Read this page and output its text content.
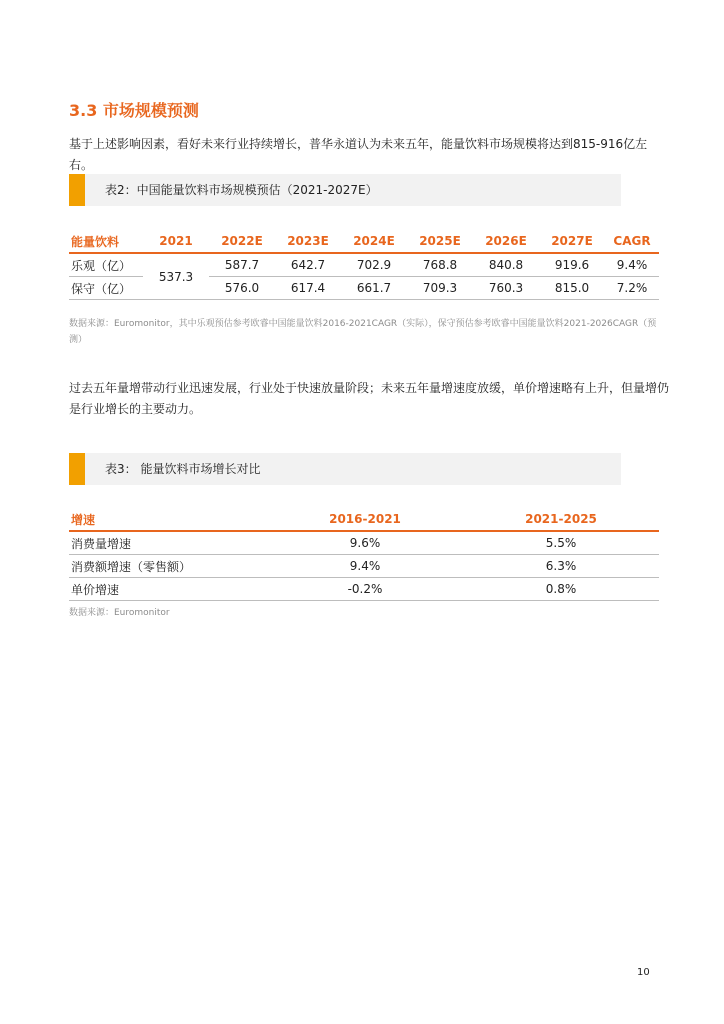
3.3 市场规模预测

基于上述影响因素，看好未来行业持续增长，普华永道认为未来五年，能量饮料市场规模将达到815-916亿左右。

表2：中国能量饮料市场规模预估（2021-2027E）
能量饮料	2021	2022E	2023E	2024E	2025E	2026E	2027E	CAGR
乐观（亿）	537.3	587.7	642.7	702.9	768.8	840.8	919.6	9.4%
保守（亿）		576.0	617.4	661.7	709.3	760.3	815.0	7.2%

数据来源：Euromonitor，其中乐观预估参考欧睿中国能量饮料2016-2021CAGR（实际），保守预估参考欧睿中国能量饮料2021-2026CAGR（预测）

过去五年量增带动行业迅速发展，行业处于快速放量阶段；未来五年量增速度放缓，单价增速略有上升，但量增仍是行业增长的主要动力。

表3： 能量饮料市场增长对比
增速	2016-2021	2021-2025
消费量增速	9.6%	5.5%
消费额增速（零售额）	9.4%	6.3%
单价增速	-0.2%	0.8%

数据来源：Euromonitor

10
